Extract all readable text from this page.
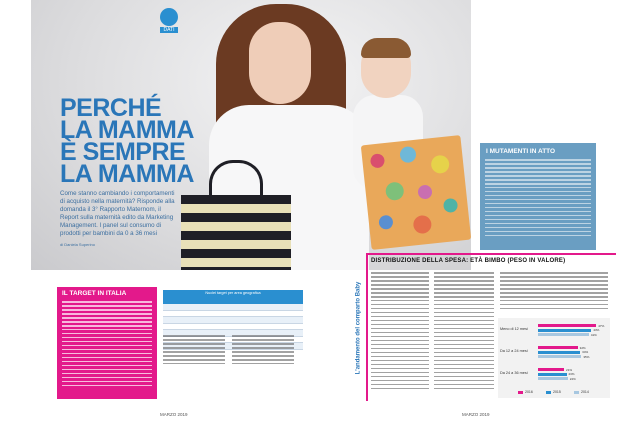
DATI
PERCHÉ
LA MAMMA
È SEMPRE
LA MAMMA
Come stanno cambiando i comportamenti di acquisto nella maternità? Risponde alla domanda il 3° Rapporto Maternom, il Report sulla maternità edito da Marketing Management. I panel sul consumo di prodotti per bambini da 0 a 36 mesi
di Daniela Superino
IL TARGET IN ITALIA	Nuclei target per area geografica
MARZO 2019
I MUTAMENTI IN ATTO
L'andamento del comparto Baby
DISTRIBUZIONE DELLA SPESA: ETÀ BIMBO (PESO IN VALORE)
Meno di 12 mesi
47%
43%
41%
Da 12 a 24 mesi
32%
34%
35%
Da 24 a 36 mesi
21%
23%
24%
2016	2015	2014
MARZO 2019
